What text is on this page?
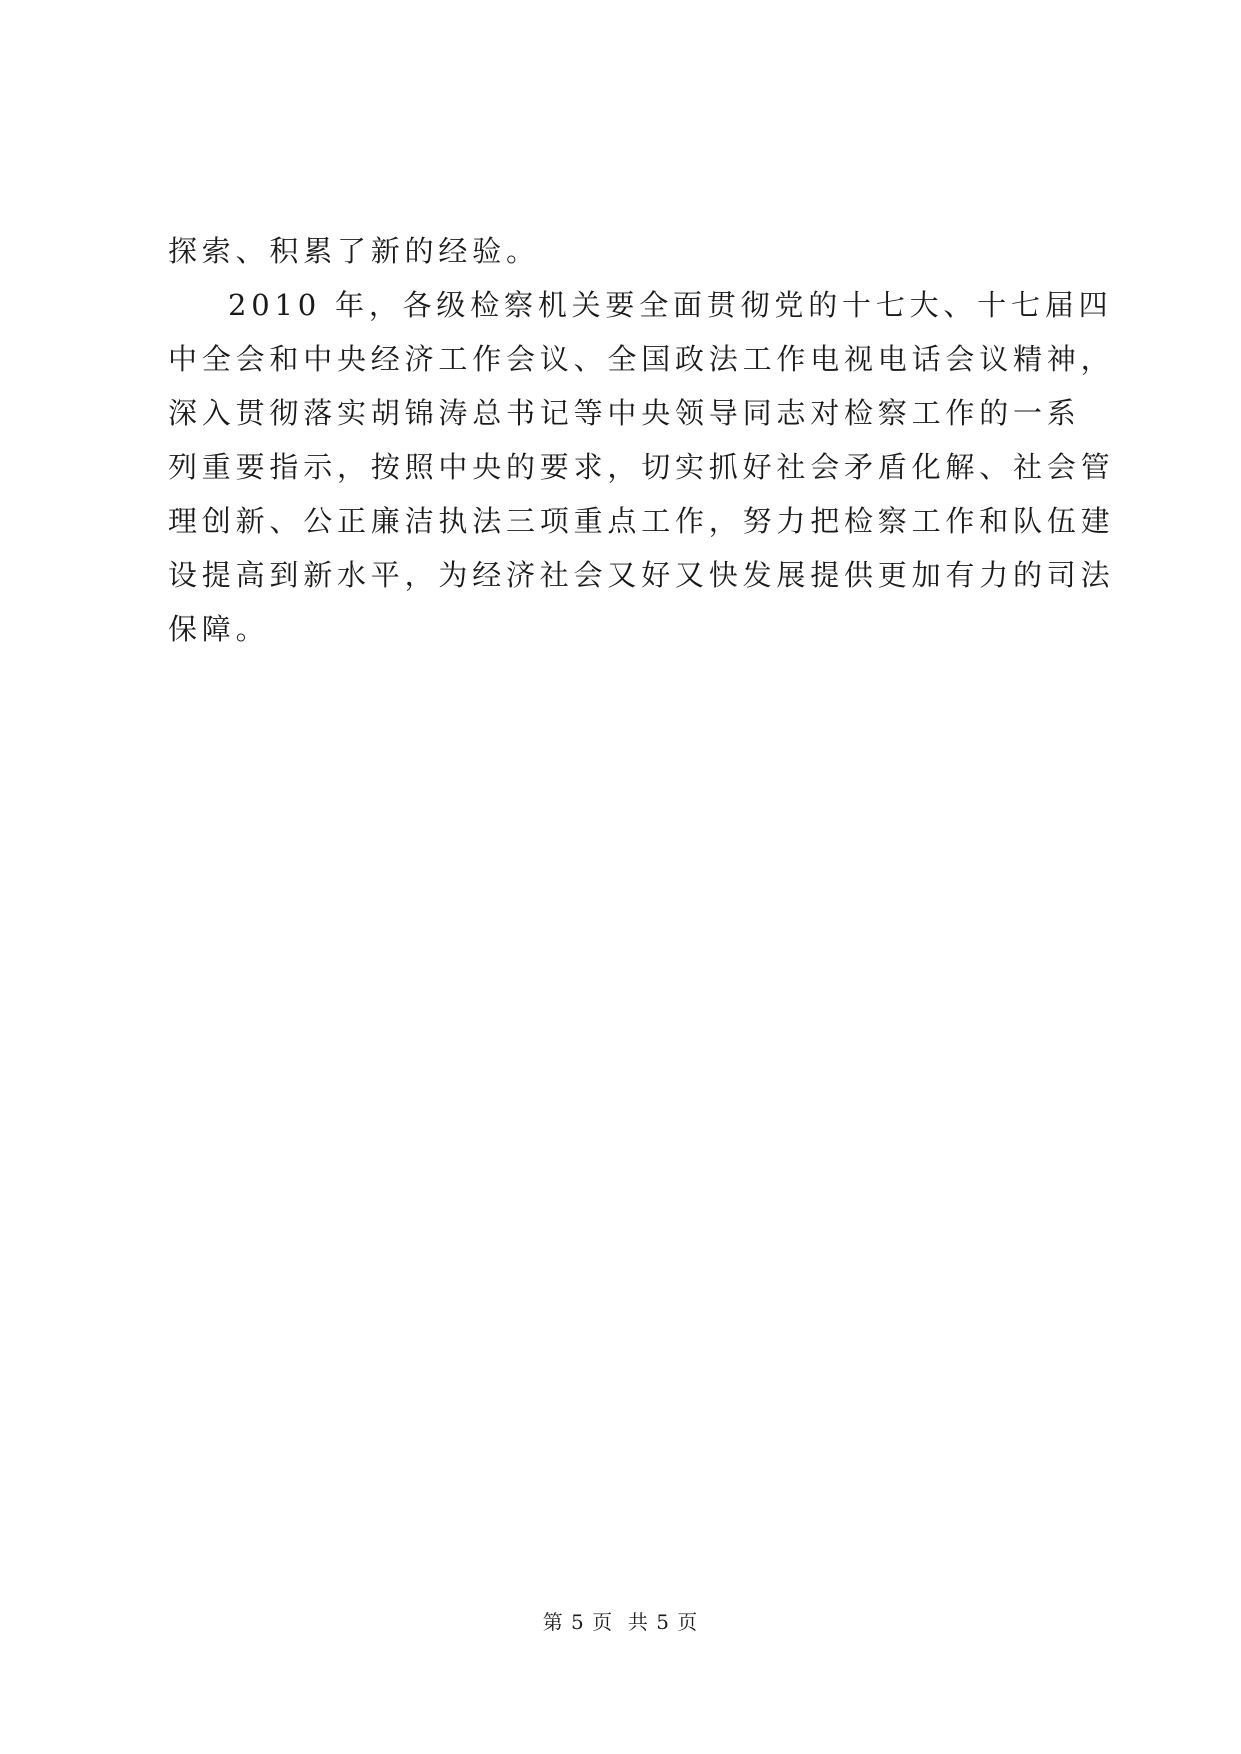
探索、积累了新的经验。

2010 年，各级检察机关要全面贯彻党的十七大、十七届四

中全会和中央经济工作会议、全国政法工作电视电话会议精神，

深入贯彻落实胡锦涛总书记等中央领导同志对检察工作的一系

列重要指示，按照中央的要求，切实抓好社会矛盾化解、社会管

理创新、公正廉洁执法三项重点工作，努力把检察工作和队伍建

设提高到新水平，为经济社会又好又快发展提供更加有力的司法

保障。

第 5 页  共 5 页
